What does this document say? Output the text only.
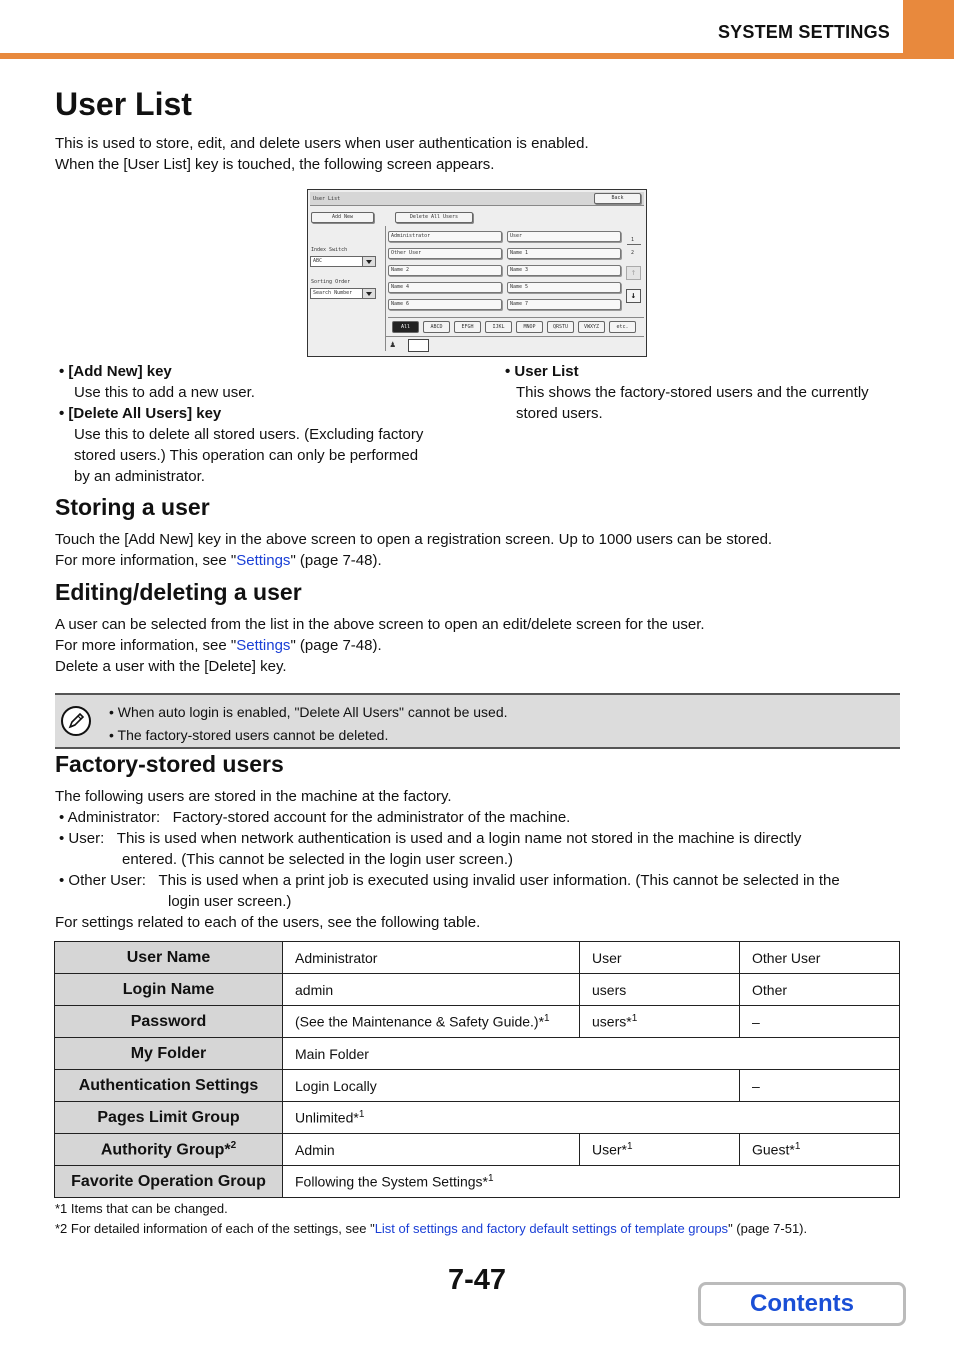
SYSTEM SETTINGS
User List
This is used to store, edit, and delete users when user authentication is enabled.
When the [User List] key is touched, the following screen appears.
User List	Back
Add New	Delete All Users
Index Switch
ABC
Sorting Order
Search Number
Administrator	User
Other User	Name 1
Name 2	Name 3
Name 4	Name 5
Name 6	Name 7
1
2
↑
↓
All	ABCD	EFGH	IJKL	MNOP	QRSTU	VWXYZ	etc.
♟
• [Add New] key
Use this to add a new user.
• [Delete All Users] key
Use this to delete all stored users. (Excluding factory
stored users.) This operation can only be performed
by an administrator.
• User List
This shows the factory-stored users and the currently
stored users.
Storing a user
Touch the [Add New] key in the above screen to open a registration screen. Up to 1000 users can be stored.
For more information, see "Settings" (page 7-48).
Editing/deleting a user
A user can be selected from the list in the above screen to open an edit/delete screen for the user.
For more information, see "Settings" (page 7-48).
Delete a user with the [Delete] key.
• When auto login is enabled, "Delete All Users" cannot be used.
• The factory-stored users cannot be deleted.
Factory-stored users
The following users are stored in the machine at the factory.
• Administrator: Factory-stored account for the administrator of the machine.
• User: This is used when network authentication is used and a login name not stored in the machine is directly
entered. (This cannot be selected in the login user screen.)
• Other User: This is used when a print job is executed using invalid user information. (This cannot be selected in the
login user screen.)
For settings related to each of the users, see the following table.
User Name	Administrator	User	Other User
Login Name	admin	users	Other
Password	(See the Maintenance & Safety Guide.)*$^1$	users*$^1$	–
My Folder	Main Folder		
Authentication Settings	Login Locally		–
Pages Limit Group	Unlimited*$^1$
Authority Group*$^2$	Admin	User*$^1$	Guest*$^1$
Favorite Operation Group	Following the System Settings*$^1$
*1 Items that can be changed.
*2 For detailed information of each of the settings, see "List of settings and factory default settings of template groups" (page 7-51).
7-47
Contents
